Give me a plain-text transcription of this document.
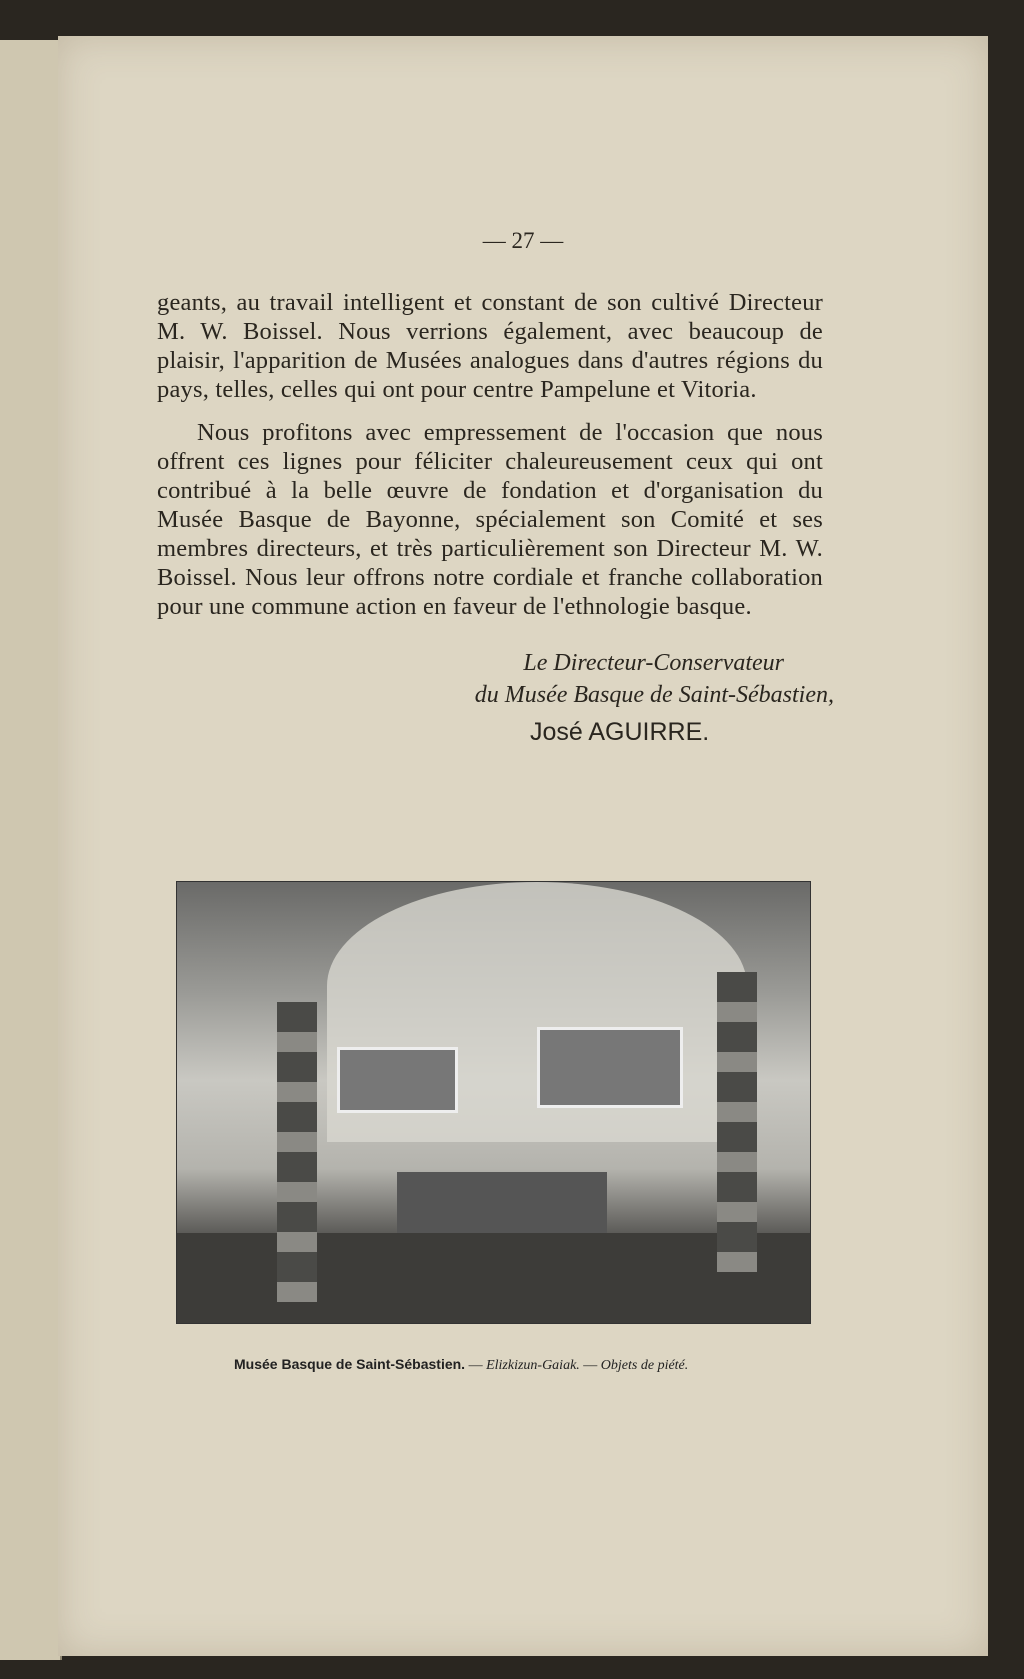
— 27 —

geants, au travail intelligent et constant de son cultivé Directeur M. W. Boissel. Nous verrions également, avec beaucoup de plaisir, l'apparition de Musées analogues dans d'autres régions du pays, telles, celles qui ont pour centre Pampelune et Vitoria.

Nous profitons avec empressement de l'occasion que nous offrent ces lignes pour féliciter chaleureusement ceux qui ont contribué à la belle œuvre de fondation et d'organisation du Musée Basque de Bayonne, spécialement son Comité et ses membres directeurs, et très particulièrement son Directeur M. W. Boissel. Nous leur offrons notre cordiale et franche collaboration pour une commune action en faveur de l'ethnologie basque.

Le Directeur-Conservateur
du Musée Basque de Saint-Sébastien,
José AGUIRRE.
Musée Basque de Saint-Sébastien. — Elizkizun-Gaiak. — Objets de piété.
